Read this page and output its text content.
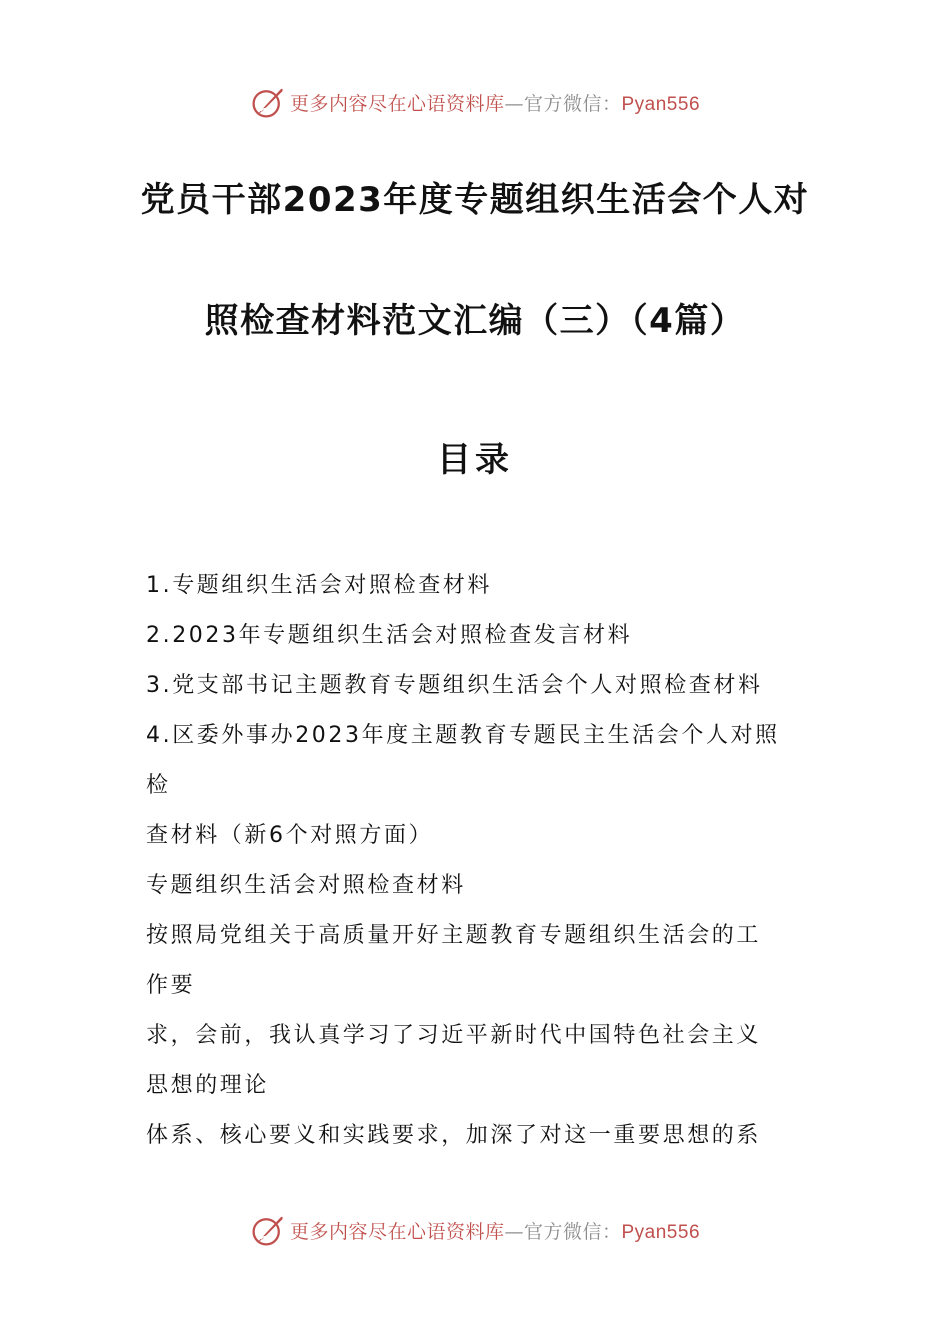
更多内容尽在心语资料库—官方微信：Pyan556
党员干部2023年度专题组织生活会个人对
照检查材料范文汇编（三）（4篇）
目录
1.专题组织生活会对照检查材料
2.2023年专题组织生活会对照检查发言材料
3.党支部书记主题教育专题组织生活会个人对照检查材料
4.区委外事办2023年度主题教育专题民主生活会个人对照
检
查材料（新6个对照方面）
专题组织生活会对照检查材料
按照局党组关于高质量开好主题教育专题组织生活会的工
作要
求，会前，我认真学习了习近平新时代中国特色社会主义
思想的理论
体系、核心要义和实践要求，加深了对这一重要思想的系
更多内容尽在心语资料库—官方微信：Pyan556
